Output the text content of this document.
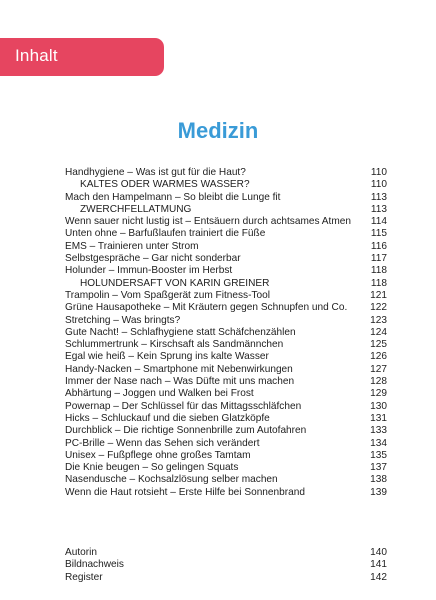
Inhalt
Medizin
Handhygiene – Was ist gut für die Haut?	110
KALTES ODER WARMES WASSER?	110
Mach den Hampelmann – So bleibt die Lunge fit	113
ZWERCHFELLATMUNG	113
Wenn sauer nicht lustig ist – Entsäuern durch achtsames Atmen 114
Unten ohne – Barfußlaufen trainiert die Füße	115
EMS – Trainieren unter Strom	116
Selbstgespräche – Gar nicht sonderbar	117
Holunder – Immun-Booster im Herbst	118
HOLUNDERSAFT VON KARIN GREINER	118
Trampolin – Vom Spaßgerät zum Fitness-Tool	121
Grüne Hausapotheke – Mit Kräutern gegen Schnupfen und Co. 122
Stretching – Was bringts?	123
Gute Nacht! – Schlafhygiene statt Schäfchenzählen	124
Schlummertrunk – Kirschsaft als Sandmännchen	125
Egal wie heiß – Kein Sprung ins kalte Wasser	126
Handy-Nacken – Smartphone mit Nebenwirkungen	127
Immer der Nase nach – Was Düfte mit uns machen	128
Abhärtung – Joggen und Walken bei Frost	129
Powernap – Der Schlüssel für das Mittagsschläfchen	130
Hicks – Schluckauf und die sieben Glatzköpfe	131
Durchblick – Die richtige Sonnenbrille zum Autofahren	133
PC-Brille – Wenn das Sehen sich verändert	134
Unisex – Fußpflege ohne großes Tamtam	135
Die Knie beugen – So gelingen Squats	137
Nasendusche – Kochsalzlösung selber machen	138
Wenn die Haut rotsieht – Erste Hilfe bei Sonnenbrand	139
Autorin	140
Bildnachweis	141
Register	142
